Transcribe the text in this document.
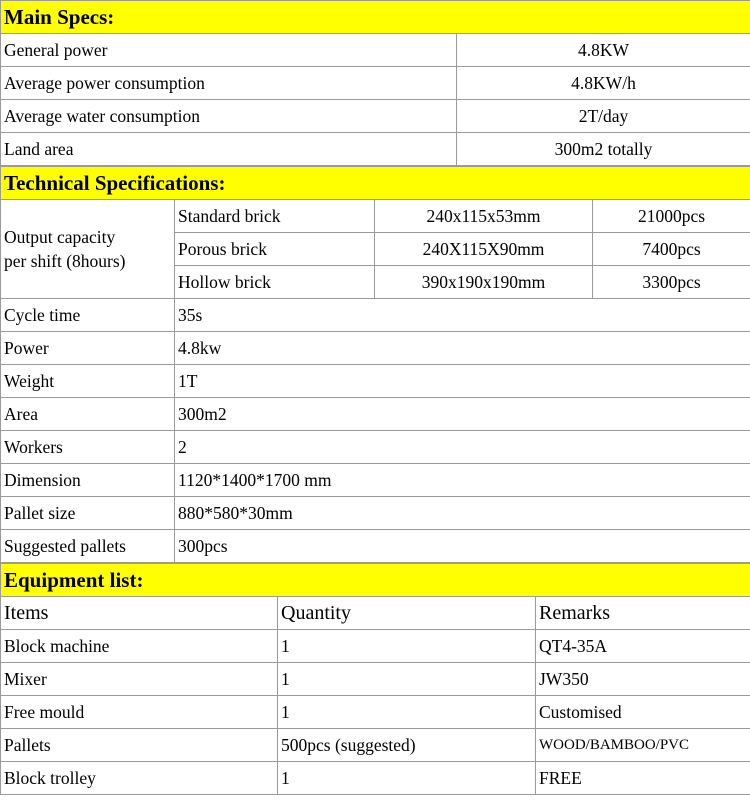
Main Specs:	
General power	4.8KW
Average power consumption	4.8KW/h
Average water consumption	2T/day
Land area	300m2 totally
Technical Specifications:			
Output capacity
per shift (8hours)	Standard brick	240x115x53mm	21000pcs
	Porous brick	240X115X90mm	7400pcs
	Hollow brick	390x190x190mm	3300pcs
Cycle time	35s		
Power	4.8kw		
Weight	1T		
Area	300m2		
Workers	2		
Dimension	1120*1400*1700 mm		
Pallet size	880*580*30mm		
Suggested pallets	300pcs		
Equipment list:		
Items	Quantity	Remarks
Block machine	1	QT4-35A
Mixer	1	JW350
Free mould	1	Customised
Pallets	500pcs (suggested)	WOOD/BAMBOO/PVC
Block trolley	1	FREE
